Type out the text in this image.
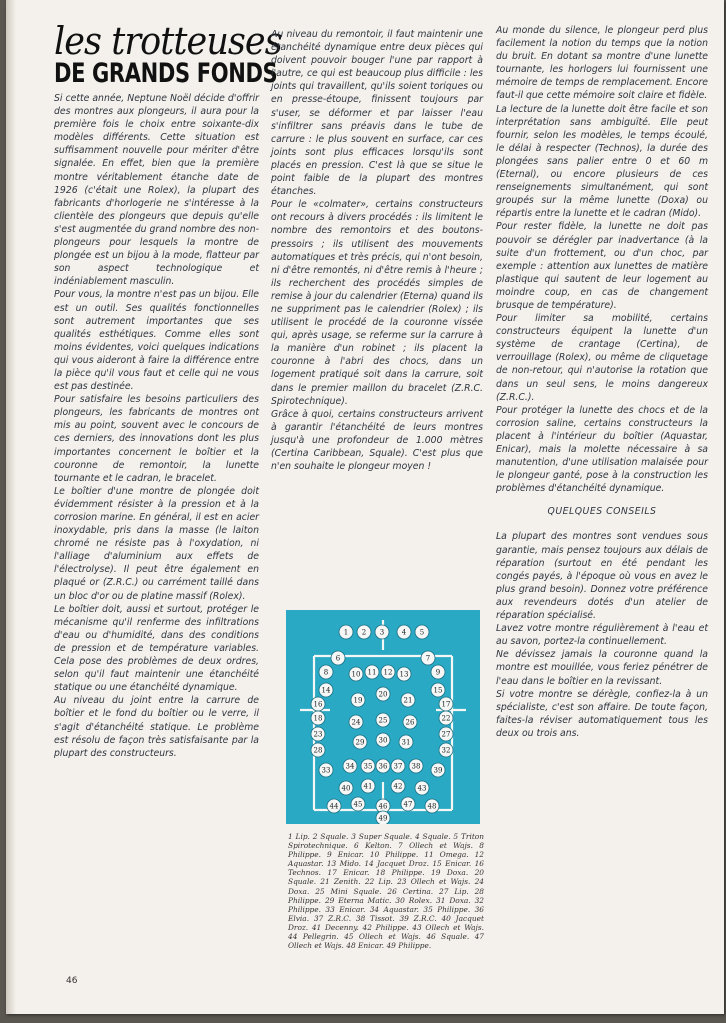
les trotteuses
DE GRANDS FONDS

Si cette année, Neptune Noël décide d'offrir des montres aux plongeurs, il aura pour la première fois le choix entre soixante-dix modèles différents. Cette situation est suffisamment nouvelle pour mériter d'être signalée. En effet, bien que la première montre véritablement étanche date de 1926 (c'était une Rolex), la plupart des fabricants d'horlogerie ne s'intéresse à la clientèle des plongeurs que depuis qu'elle s'est augmentée du grand nombre des non-plongeurs pour lesquels la montre de plongée est un bijou à la mode, flatteur par son aspect technologique et indéniablement masculin.

Pour vous, la montre n'est pas un bijou. Elle est un outil. Ses qualités fonctionnelles sont autrement importantes que ses qualités esthétiques. Comme elles sont moins évidentes, voici quelques indications qui vous aideront à faire la différence entre la pièce qu'il vous faut et celle qui ne vous est pas destinée.

Pour satisfaire les besoins particuliers des plongeurs, les fabricants de montres ont mis au point, souvent avec le concours de ces derniers, des innovations dont les plus importantes concernent le boîtier et la couronne de remontoir, la lunette tournante et le cadran, le bracelet.

Le boîtier d'une montre de plongée doit évidemment résister à la pression et à la corrosion marine. En général, il est en acier inoxydable, pris dans la masse (le laiton chromé ne résiste pas à l'oxydation, ni l'alliage d'aluminium aux effets de l'électrolyse). Il peut être également en plaqué or (Z.R.C.) ou carrément taillé dans un bloc d'or ou de platine massif (Rolex).

Le boîtier doit, aussi et surtout, protéger le mécanisme qu'il renferme des infiltrations d'eau ou d'humidité, dans des conditions de pression et de température variables. Cela pose des problèmes de deux ordres, selon qu'il faut maintenir une étanchéité statique ou une étanchéité dynamique.

Au niveau du joint entre la carrure de boîtier et le fond du boîtier ou le verre, il s'agit d'étanchéité statique. Le problème est résolu de façon très satisfaisante par la plupart des constructeurs.

Au niveau du remontoir, il faut maintenir une étanchéité dynamique entre deux pièces qui doivent pouvoir bouger l'une par rapport à l'autre, ce qui est beaucoup plus difficile : les joints qui travaillent, qu'ils soient toriques ou en presse-étoupe, finissent toujours par s'user, se déformer et par laisser l'eau s'infiltrer sans préavis dans le tube de carrure : le plus souvent en surface, car ces joints sont plus efficaces lorsqu'ils sont placés en pression. C'est là que se situe le point faible de la plupart des montres étanches.

Pour le «colmater», certains constructeurs ont recours à divers procédés : ils limitent le nombre des remontoirs et des boutons-pressoirs ; ils utilisent des mouvements automatiques et très précis, qui n'ont besoin, ni d'être remontés, ni d'être remis à l'heure ; ils recherchent des procédés simples de remise à jour du calendrier (Eterna) quand ils ne suppriment pas le calendrier (Rolex) ; ils utilisent le procédé de la couronne vissée qui, après usage, se referme sur la carrure à la manière d'un robinet ; ils placent la couronne à l'abri des chocs, dans un logement pratiqué soit dans la carrure, soit dans le premier maillon du bracelet (Z.R.C. Spirotechnique).

Grâce à quoi, certains constructeurs arrivent à garantir l'étanchéité de leurs montres jusqu'à une profondeur de 1.000 mètres (Certina Caribbean, Squale). C'est plus que n'en souhaite le plongeur moyen !

1 2 3	4 5
6	7
8	9
10 11 12 13
14	15
16	17
18
19
20
21
22
23
24	25	26
27
28
29 30 31
32
33 34 35 36 37 38 39
40 41	42 43
44 45 46 47 48
49
1 Lip. 2 Squale. 3 Super Squale. 4 Squale. 5 Triton Spirotechnique. 6 Kelton. 7 Ollech et Wajs. 8 Philippe. 9 Enicar. 10 Philippe. 11 Omega. 12 Aquastar. 13 Mido. 14 Jacquet Droz. 15 Enicar. 16 Technos. 17 Enicar. 18 Philippe. 19 Doxa. 20 Squale. 21 Zenith. 22 Lip. 23 Ollech et Wajs. 24 Doxa. 25 Mini Squale. 26 Certina. 27 Lip. 28 Philippe. 29 Eterna Matic. 30 Rolex. 31 Doxa. 32 Philippe. 33 Enicar. 34 Aquastar. 35 Philippe. 36 Elvia. 37 Z.R.C. 38 Tissot. 39 Z.R.C. 40 Jacquet Droz. 41 Decenny. 42 Philippe. 43 Ollech et Wajs. 44 Pellegrin. 45 Ollech et Wajs. 46 Squale. 47 Ollech et Wajs. 48 Enicar. 49 Philippe.

Au monde du silence, le plongeur perd plus facilement la notion du temps que la notion du bruit. En dotant sa montre d'une lunette tournante, les horlogers lui fournissent une mémoire de temps de remplacement. Encore faut-il que cette mémoire soit claire et fidèle.

La lecture de la lunette doit être facile et son interprétation sans ambiguïté. Elle peut fournir, selon les modèles, le temps écoulé, le délai à respecter (Technos), la durée des plongées sans palier entre 0 et 60 m (Eternal), ou encore plusieurs de ces renseignements simultanément, qui sont groupés sur la même lunette (Doxa) ou répartis entre la lunette et le cadran (Mido).

Pour rester fidèle, la lunette ne doit pas pouvoir se dérégler par inadvertance (à la suite d'un frottement, ou d'un choc, par exemple : attention aux lunettes de matière plastique qui sautent de leur logement au moindre coup, en cas de changement brusque de température).

Pour limiter sa mobilité, certains constructeurs équipent la lunette d'un système de crantage (Certina), de verrouillage (Rolex), ou même de cliquetage de non-retour, qui n'autorise la rotation que dans un seul sens, le moins dangereux (Z.R.C.).

Pour protéger la lunette des chocs et de la corrosion saline, certains constructeurs la placent à l'intérieur du boîtier (Aquastar, Enicar), mais la molette nécessaire à sa manutention, d'une utilisation malaisée pour le plongeur ganté, pose à la construction les problèmes d'étanchéité dynamique.

QUELQUES CONSEILS

La plupart des montres sont vendues sous garantie, mais pensez toujours aux délais de réparation (surtout en été pendant les congés payés, à l'époque où vous en avez le plus grand besoin). Donnez votre préférence aux revendeurs dotés d'un atelier de réparation spécialisé.

Lavez votre montre régulièrement à l'eau et au savon, portez-la continuellement.

Ne dévissez jamais la couronne quand la montre est mouillée, vous feriez pénétrer de l'eau dans le boîtier en la revissant.

Si votre montre se dérègle, confiez-la à un spécialiste, c'est son affaire. De toute façon, faites-la réviser automatiquement tous les deux ou trois ans.

46
